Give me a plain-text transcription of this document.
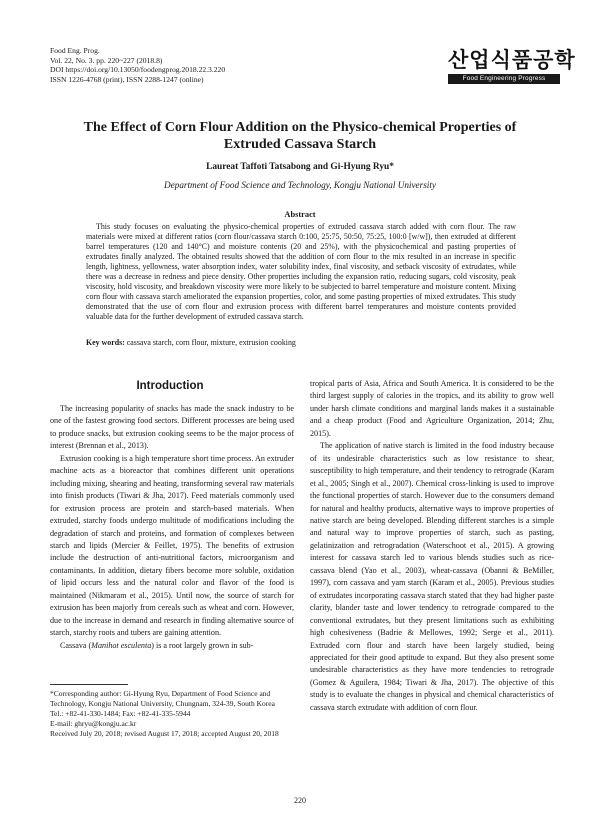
Food Eng. Prog.
Vol. 22, No. 3. pp. 220~227 (2018.8)
DOI https://doi.org/10.13050/foodengprog.2018.22.3.220
ISSN 1226-4768 (print), ISSN 2288-1247 (online)
산업식품공학
Food Engineering Progress
The Effect of Corn Flour Addition on the Physico-chemical Properties of
Extruded Cassava Starch

Laureat Taffoti Tatsabong and Gi-Hyung Ryu*

Department of Food Science and Technology, Kongju National University

Abstract

This study focuses on evaluating the physico-chemical properties of extruded cassava starch added with corn flour. The raw materials were mixed at different ratios (corn flour/cassava starch 0:100, 25:75, 50:50, 75:25, 100:0 [w/w]), then extruded at different barrel temperatures (120 and 140°C) and moisture contents (20 and 25%), with the physicochemical and pasting properties of extrudates finally analyzed. The obtained results showed that the addition of corn flour to the mix resulted in an increase in specific length, lightness, yellowness, water absorption index, water solubility index, final viscosity, and setback viscosity of extrudates, while there was a decrease in redness and piece density. Other properties including the expansion ratio, reducing sugars, cold viscosity, peak viscosity, hold viscosity, and breakdown viscosity were more likely to be subjected to barrel temperature and moisture content. Mixing corn flour with cassava starch ameliorated the expansion properties, color, and some pasting properties of mixed extrudates. This study demonstrated that the use of corn flour and extrusion process with different barrel temperatures and moisture contents provided valuable data for the further development of extruded cassava starch.

Key words: cassava starch, corn flour, mixture, extrusion cooking

Introduction

The increasing popularity of snacks has made the snack industry to be one of the fastest growing food sectors. Different processes are being used to produce snacks, but extrusion cooking seems to be the major process of interest (Brennan et al., 2013).

Extrusion cooking is a high temperature short time process. An extruder machine acts as a bioreactor that combines different unit operations including mixing, shearing and heating, transforming several raw materials into finish products (Tiwari & Jha, 2017). Feed materials commonly used for extrusion process are protein and starch-based materials. When extruded, starchy foods undergo multitude of modifications including the degradation of starch and proteins, and formation of complexes between starch and lipids (Mercier & Feillet, 1975). The benefits of extrusion include the destruction of anti-nutritional factors, microorganism and contaminants. In addition, dietary fibers become more soluble, oxidation of lipid occurs less and the natural color and flavor of the food is maintained (Nikmaram et al., 2015). Until now, the source of starch for extrusion has been majorly from cereals such as wheat and corn. However, due to the increase in demand and research in finding alternative source of starch, starchy roots and tubers are gaining attention.

Cassava (Manihot esculenta) is a root largely grown in sub-

tropical parts of Asia, Africa and South America. It is considered to be the third largest supply of calories in the tropics, and its ability to grow well under harsh climate conditions and marginal lands makes it a sustainable and a cheap product (Food and Agriculture Organization, 2014; Zhu, 2015).

The application of native starch is limited in the food industry because of its undesirable characteristics such as low resistance to shear, susceptibility to high temperature, and their tendency to retrograde (Karam et al., 2005; Singh et al., 2007). Chemical cross-linking is used to improve the functional properties of starch. However due to the consumers demand for natural and healthy products, alternative ways to improve properties of native starch are being developed. Blending different starches is a simple and natural way to improve properties of starch, such as pasting, gelatinization and retrogradation (Waterschoot et al., 2015). A growing interest for cassava starch led to various blends studies such as rice-cassava blend (Yao et al., 2003), wheat-cassava (Obanni & BeMiller, 1997), corn cassava and yam starch (Karam et al., 2005). Previous studies of extrudates incorporating cassava starch stated that they had higher paste clarity, blander taste and lower tendency to retrograde compared to the conventional extrudates, but they present limitations such as exhibiting high cohesiveness (Badrie & Mellowes, 1992; Serge et al., 2011). Extruded corn flour and starch have been largely studied, being appreciated for their good aptitude to expand. But they also present some undesirable characteristics as they have more tendencies to retrograde (Gomez & Aguilera, 1984; Tiwari & Jha, 2017). The objective of this study is to evaluate the changes in physical and chemical characteristics of cassava starch extrudate with addition of corn flour.

*Corresponding author: Gi-Hyung Ryu, Department of Food Science and Technology, Kongju National University, Chungnam, 324-39, South Korea
Tel.: +82-41-330-1484; Fax: +82-41-335-5944
E-mail: ghryu@kongju.ac.kr
Received July 20, 2018; revised August 17, 2018; accepted August 20, 2018

220
